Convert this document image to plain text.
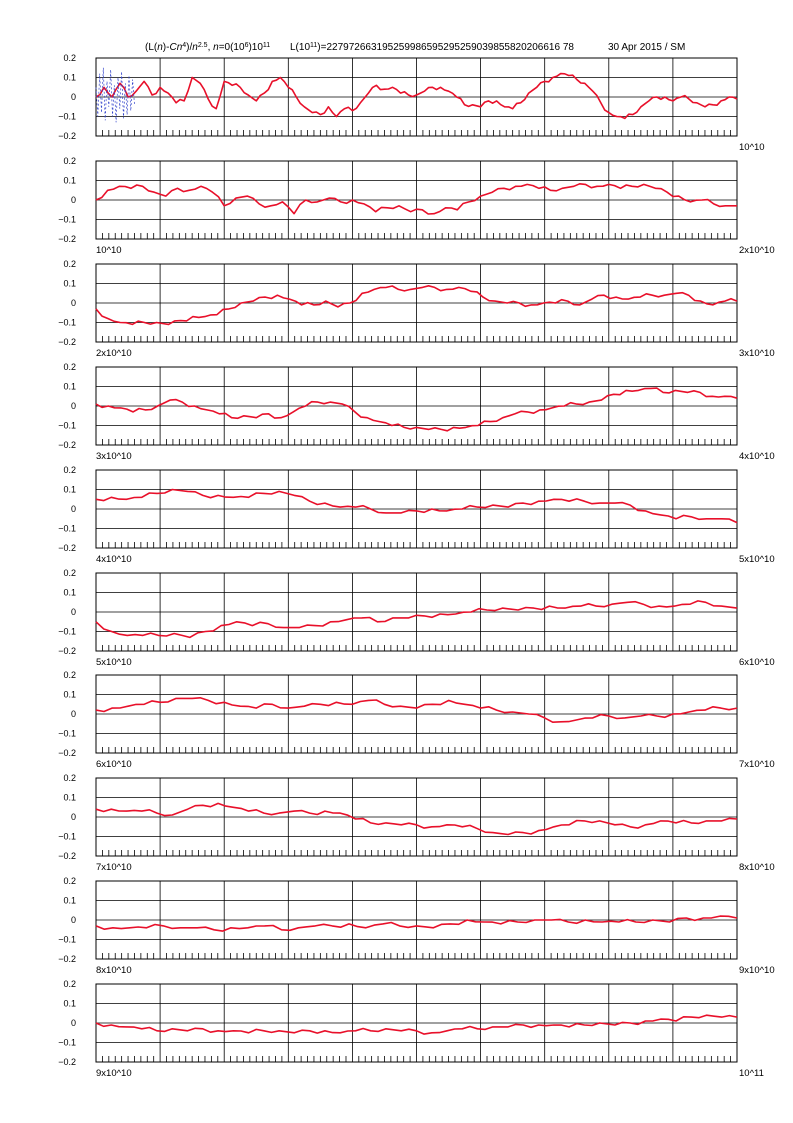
$(L(n)-Cn^4)/n^{2.5}$, $n=0(10^6)10^{11}$ $L(10^{11})=227972663195259986595295259039855820206616$ 78	30 Apr 2015 / SM
0.2
0.1
0
−0.1
−0.2
10^10
0.2
0.1
0
−0.1
−0.2
10^10	2x10^10
0.2
0.1
0
−0.1
−0.2
2x10^10	3x10^10
0.2
0.1
0
−0.1
−0.2
3x10^10	4x10^10
0.2
0.1
0
−0.1
−0.2
4x10^10	5x10^10
0.2
0.1
0
−0.1
−0.2
5x10^10	6x10^10
0.2
0.1
0
−0.1
−0.2
6x10^10	7x10^10
0.2
0.1
0
−0.1
−0.2
7x10^10	8x10^10
0.2
0.1
0
−0.1
−0.2
8x10^10	9x10^10
0.2
0.1
0
−0.1
−0.2
9x10^10	10^11
